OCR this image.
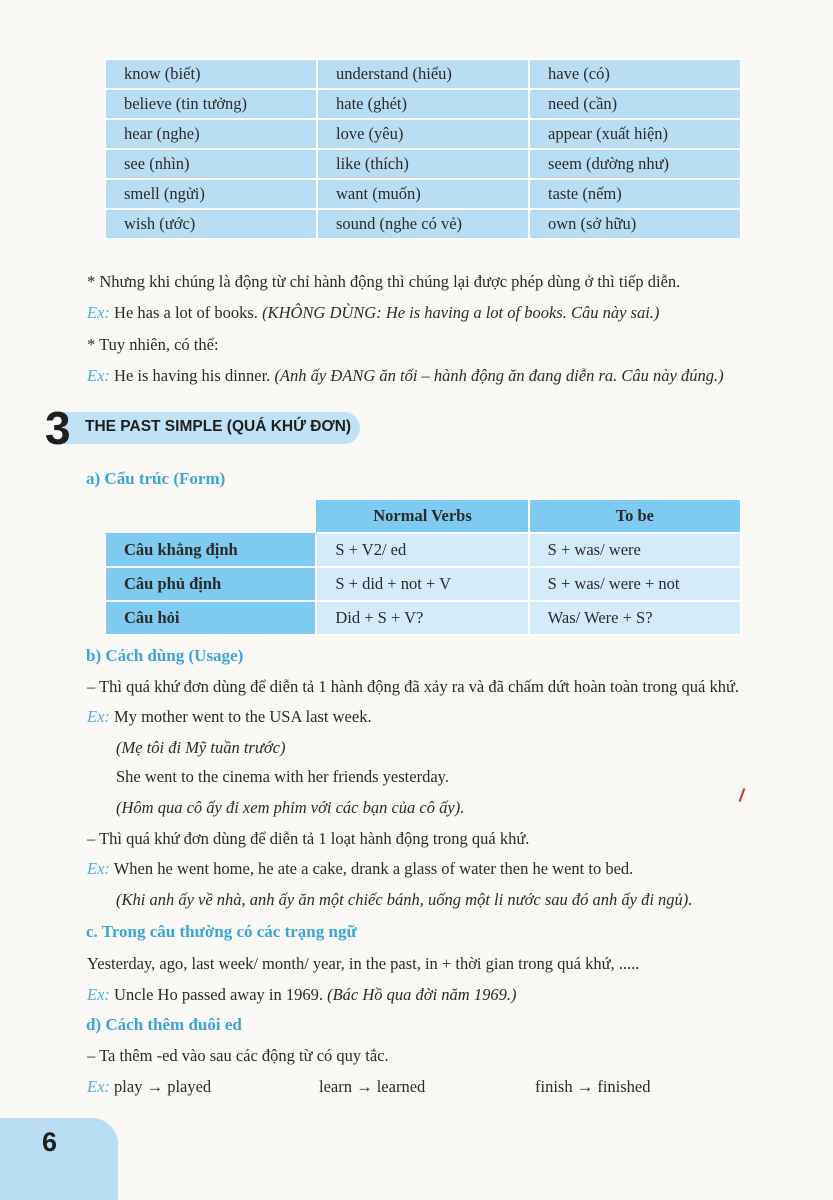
know (biết)	understand (hiểu)	have (có)
believe (tin tưởng)	hate (ghét)	need (cần)
hear (nghe)	love (yêu)	appear (xuất hiện)
see (nhìn)	like (thích)	seem (dường như)
smell (ngửi)	want (muốn)	taste (nếm)
wish (ước)	sound (nghe có vẻ)	own (sở hữu)
* Nhưng khi chúng là động từ chỉ hành động thì chúng lại được phép dùng ở thì tiếp diễn.
Ex: He has a lot of books. (KHÔNG DÙNG: He is having a lot of books. Câu này sai.)
* Tuy nhiên, có thể:
Ex: He is having his dinner. (Anh ấy ĐANG ăn tối – hành động ăn đang diễn ra. Câu này đúng.)
3 THE PAST SIMPLE (QUÁ KHỨ ĐƠN)
a) Cấu trúc (Form)
	Normal Verbs	To be
Câu khẳng định	S + V2/ ed	S + was/ were
Câu phủ định	S + did + not + V	S + was/ were + not
Câu hỏi	Did + S + V?	Was/ Were + S?
b) Cách dùng (Usage)
– Thì quá khứ đơn dùng để diễn tả 1 hành động đã xảy ra và đã chấm dứt hoàn toàn trong quá khứ.
Ex: My mother went to the USA last week.
(Mẹ tôi đi Mỹ tuần trước)
She went to the cinema with her friends yesterday.
(Hôm qua cô ấy đi xem phim với các bạn của cô ấy).
– Thì quá khứ đơn dùng để diễn tả 1 loạt hành động trong quá khứ.
Ex: When he went home, he ate a cake, drank a glass of water then he went to bed.
(Khi anh ấy về nhà, anh ấy ăn một chiếc bánh, uống một li nước sau đó anh ấy đi ngủ).
c. Trong câu thường có các trạng ngữ
Yesterday, ago, last week/ month/ year, in the past, in + thời gian trong quá khứ, .....
Ex: Uncle Ho passed away in 1969. (Bác Hồ qua đời năm 1969.)
d) Cách thêm đuôi ed
– Ta thêm -ed vào sau các động từ có quy tắc.
Ex: play → played	learn → learned	finish → finished
6
